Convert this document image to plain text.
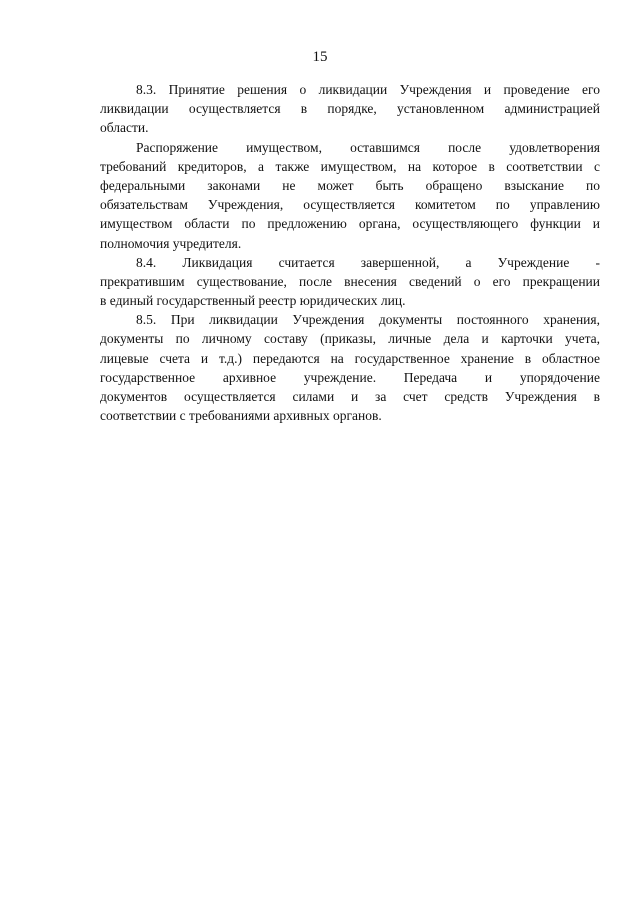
15

8.3. Принятие решения о ликвидации Учреждения и проведение его
ликвидации осуществляется в порядке, установленном администрацией
области.

Распоряжение имуществом, оставшимся после удовлетворения
требований кредиторов, а также имуществом, на которое в соответствии с
федеральными законами не может быть обращено взыскание по
обязательствам Учреждения, осуществляется комитетом по управлению
имуществом области по предложению органа, осуществляющего функции и
полномочия учредителя.

8.4. Ликвидация считается завершенной, а Учреждение -
прекратившим существование, после внесения сведений о его прекращении
в единый государственный реестр юридических лиц.

8.5. При ликвидации Учреждения документы постоянного хранения,
документы по личному составу (приказы, личные дела и карточки учета,
лицевые счета и т.д.) передаются на государственное хранение в областное
государственное архивное учреждение. Передача и упорядочение
документов осуществляется силами и за счет средств Учреждения в
соответствии с требованиями архивных органов.
